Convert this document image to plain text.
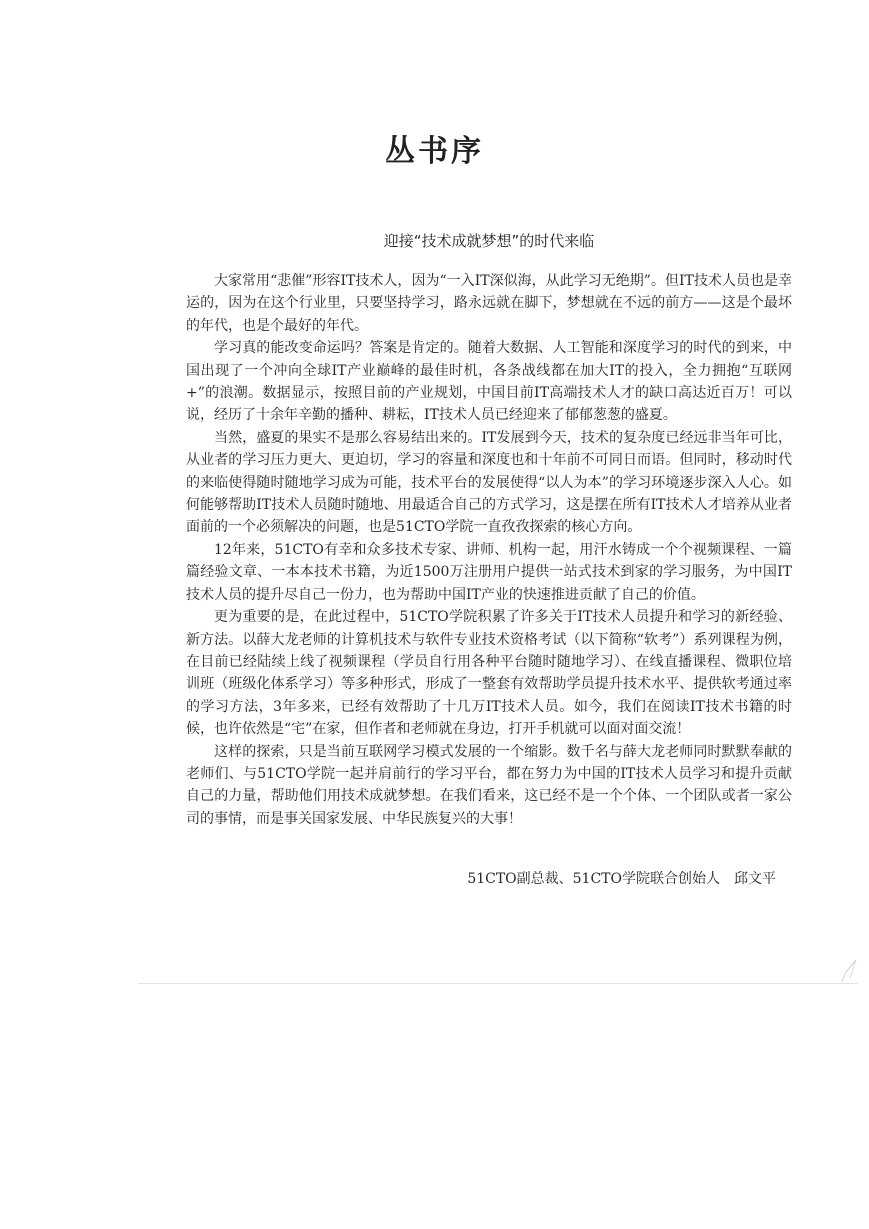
丛书序
迎接“技术成就梦想”的时代来临

大家常用“悲催”形容IT技术人，因为“一入IT深似海，从此学习无绝期”。但IT技术人员也是幸运的，因为在这个行业里，只要坚持学习，路永远就在脚下，梦想就在不远的前方——这是个最坏的年代，也是个最好的年代。

学习真的能改变命运吗？答案是肯定的。随着大数据、人工智能和深度学习的时代的到来，中国出现了一个冲向全球IT产业巅峰的最佳时机，各条战线都在加大IT的投入，全力拥抱“互联网+”的浪潮。数据显示，按照目前的产业规划，中国目前IT高端技术人才的缺口高达近百万！可以说，经历了十余年辛勤的播种、耕耘，IT技术人员已经迎来了郁郁葱葱的盛夏。

当然，盛夏的果实不是那么容易结出来的。IT发展到今天，技术的复杂度已经远非当年可比，从业者的学习压力更大、更迫切，学习的容量和深度也和十年前不可同日而语。但同时，移动时代的来临使得随时随地学习成为可能，技术平台的发展使得“以人为本”的学习环境逐步深入人心。如何能够帮助IT技术人员随时随地、用最适合自己的方式学习，这是摆在所有IT技术人才培养从业者面前的一个必须解决的问题，也是51CTO学院一直孜孜探索的核心方向。

12年来，51CTO有幸和众多技术专家、讲师、机构一起，用汗水铸成一个个视频课程、一篇篇经验文章、一本本技术书籍，为近1500万注册用户提供一站式技术到家的学习服务，为中国IT技术人员的提升尽自己一份力，也为帮助中国IT产业的快速推进贡献了自己的价值。

更为重要的是，在此过程中，51CTO学院积累了许多关于IT技术人员提升和学习的新经验、新方法。以薛大龙老师的计算机技术与软件专业技术资格考试（以下简称“软考”）系列课程为例，在目前已经陆续上线了视频课程（学员自行用各种平台随时随地学习）、在线直播课程、微职位培训班（班级化体系学习）等多种形式，形成了一整套有效帮助学员提升技术水平、提供软考通过率的学习方法，3年多来，已经有效帮助了十几万IT技术人员。如今，我们在阅读IT技术书籍的时候，也许依然是“宅”在家，但作者和老师就在身边，打开手机就可以面对面交流！

这样的探索，只是当前互联网学习模式发展的一个缩影。数千名与薛大龙老师同时默默奉献的老师们、与51CTO学院一起并肩前行的学习平台，都在努力为中国的IT技术人员学习和提升贡献自己的力量，帮助他们用技术成就梦想。在我们看来，这已经不是一个个体、一个团队或者一家公司的事情，而是事关国家发展、中华民族复兴的大事！

51CTO副总裁、51CTO学院联合创始人　邱文平
